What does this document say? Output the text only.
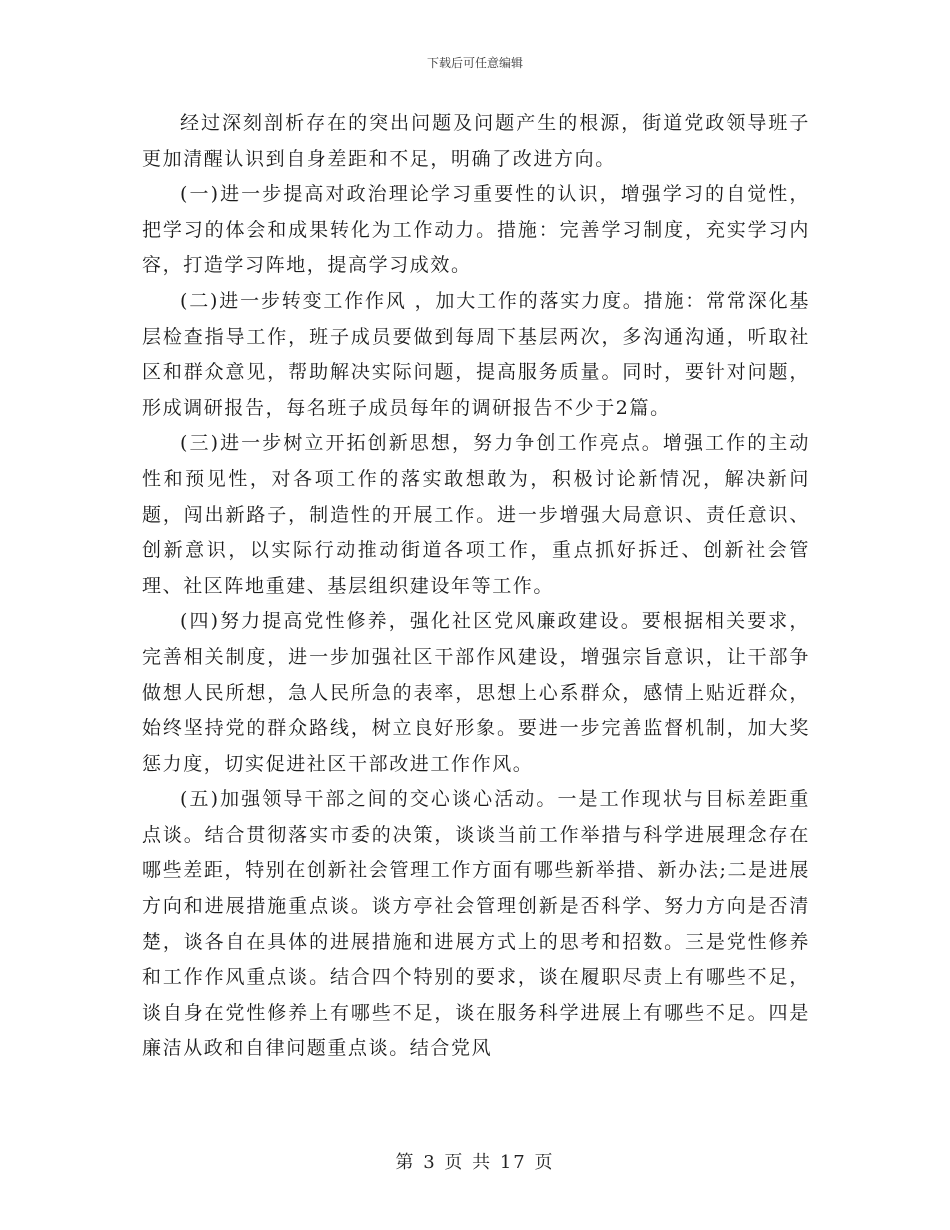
下载后可任意编辑

经过深刻剖析存在的突出问题及问题产生的根源，街道党政领导班子更加清醒认识到自身差距和不足，明确了改进方向。

(一)进一步提高对政治理论学习重要性的认识，增强学习的自觉性，把学习的体会和成果转化为工作动力。措施：完善学习制度，充实学习内容，打造学习阵地，提高学习成效。

(二)进一步转变工作作风 ，加大工作的落实力度。措施：常常深化基层检查指导工作，班子成员要做到每周下基层两次，多沟通沟通，听取社区和群众意见，帮助解决实际问题，提高服务质量。同时，要针对问题，形成调研报告，每名班子成员每年的调研报告不少于2篇。

(三)进一步树立开拓创新思想，努力争创工作亮点。增强工作的主动性和预见性，对各项工作的落实敢想敢为，积极讨论新情况，解决新问题，闯出新路子，制造性的开展工作。进一步增强大局意识、责任意识、创新意识，以实际行动推动街道各项工作，重点抓好拆迁、创新社会管理、社区阵地重建、基层组织建设年等工作。

(四)努力提高党性修养，强化社区党风廉政建设。要根据相关要求，完善相关制度，进一步加强社区干部作风建设，增强宗旨意识，让干部争做想人民所想，急人民所急的表率，思想上心系群众，感情上贴近群众，始终坚持党的群众路线，树立良好形象。要进一步完善监督机制，加大奖惩力度，切实促进社区干部改进工作作风。

(五)加强领导干部之间的交心谈心活动。一是工作现状与目标差距重点谈。结合贯彻落实市委的决策，谈谈当前工作举措与科学进展理念存在哪些差距，特别在创新社会管理工作方面有哪些新举措、新办法;二是进展方向和进展措施重点谈。谈方亭社会管理创新是否科学、努力方向是否清楚，谈各自在具体的进展措施和进展方式上的思考和招数。三是党性修养和工作作风重点谈。结合四个特别的要求，谈在履职尽责上有哪些不足，谈自身在党性修养上有哪些不足，谈在服务科学进展上有哪些不足。四是廉洁从政和自律问题重点谈。结合党风

第 3 页 共 17 页
